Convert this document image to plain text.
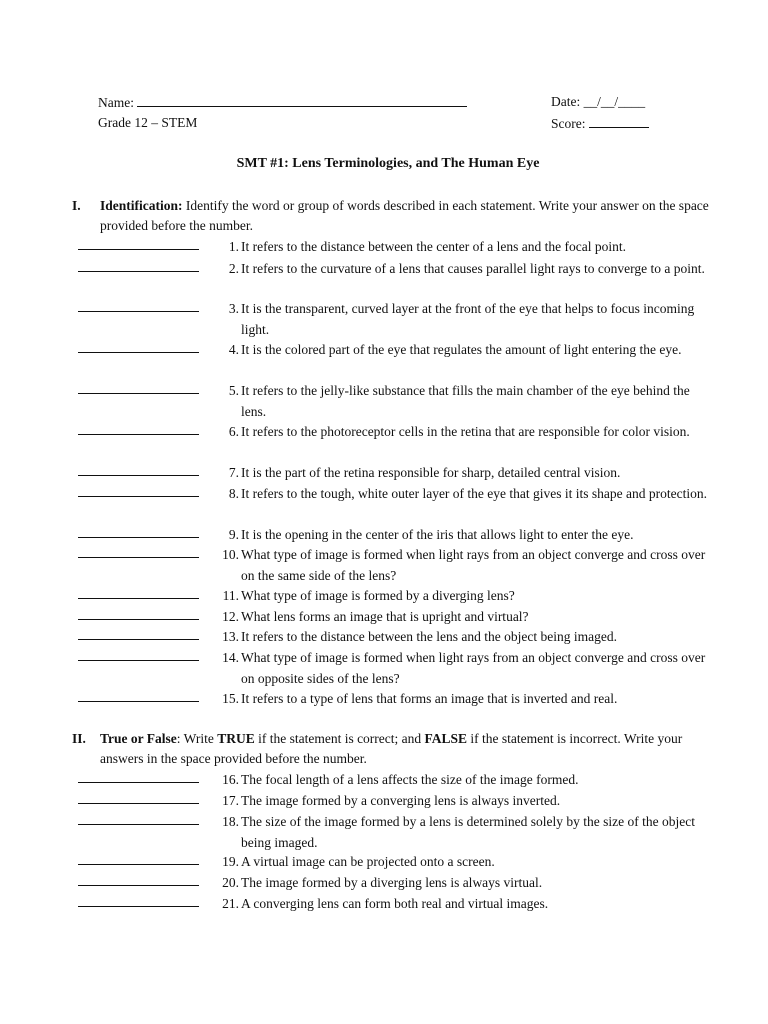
Name:
Grade 12 – STEM
Date: __/__/____
Score:
SMT #1: Lens Terminologies, and The Human Eye
I. Identification: Identify the word or group of words described in each statement. Write your answer on the space provided before the number.
1. It refers to the distance between the center of a lens and the focal point.
2. It refers to the curvature of a lens that causes parallel light rays to converge to a point.
3. It is the transparent, curved layer at the front of the eye that helps to focus incoming light.
4. It is the colored part of the eye that regulates the amount of light entering the eye.
5. It refers to the jelly-like substance that fills the main chamber of the eye behind the lens.
6. It refers to the photoreceptor cells in the retina that are responsible for color vision.
7. It is the part of the retina responsible for sharp, detailed central vision.
8. It refers to the tough, white outer layer of the eye that gives it its shape and protection.
9. It is the opening in the center of the iris that allows light to enter the eye.
10. What type of image is formed when light rays from an object converge and cross over on the same side of the lens?
11. What type of image is formed by a diverging lens?
12. What lens forms an image that is upright and virtual?
13. It refers to the distance between the lens and the object being imaged.
14. What type of image is formed when light rays from an object converge and cross over on opposite sides of the lens?
15. It refers to a type of lens that forms an image that is inverted and real.
II. True or False: Write TRUE if the statement is correct; and FALSE if the statement is incorrect. Write your answers in the space provided before the number.
16. The focal length of a lens affects the size of the image formed.
17. The image formed by a converging lens is always inverted.
18. The size of the image formed by a lens is determined solely by the size of the object being imaged.
19. A virtual image can be projected onto a screen.
20. The image formed by a diverging lens is always virtual.
21. A converging lens can form both real and virtual images.
